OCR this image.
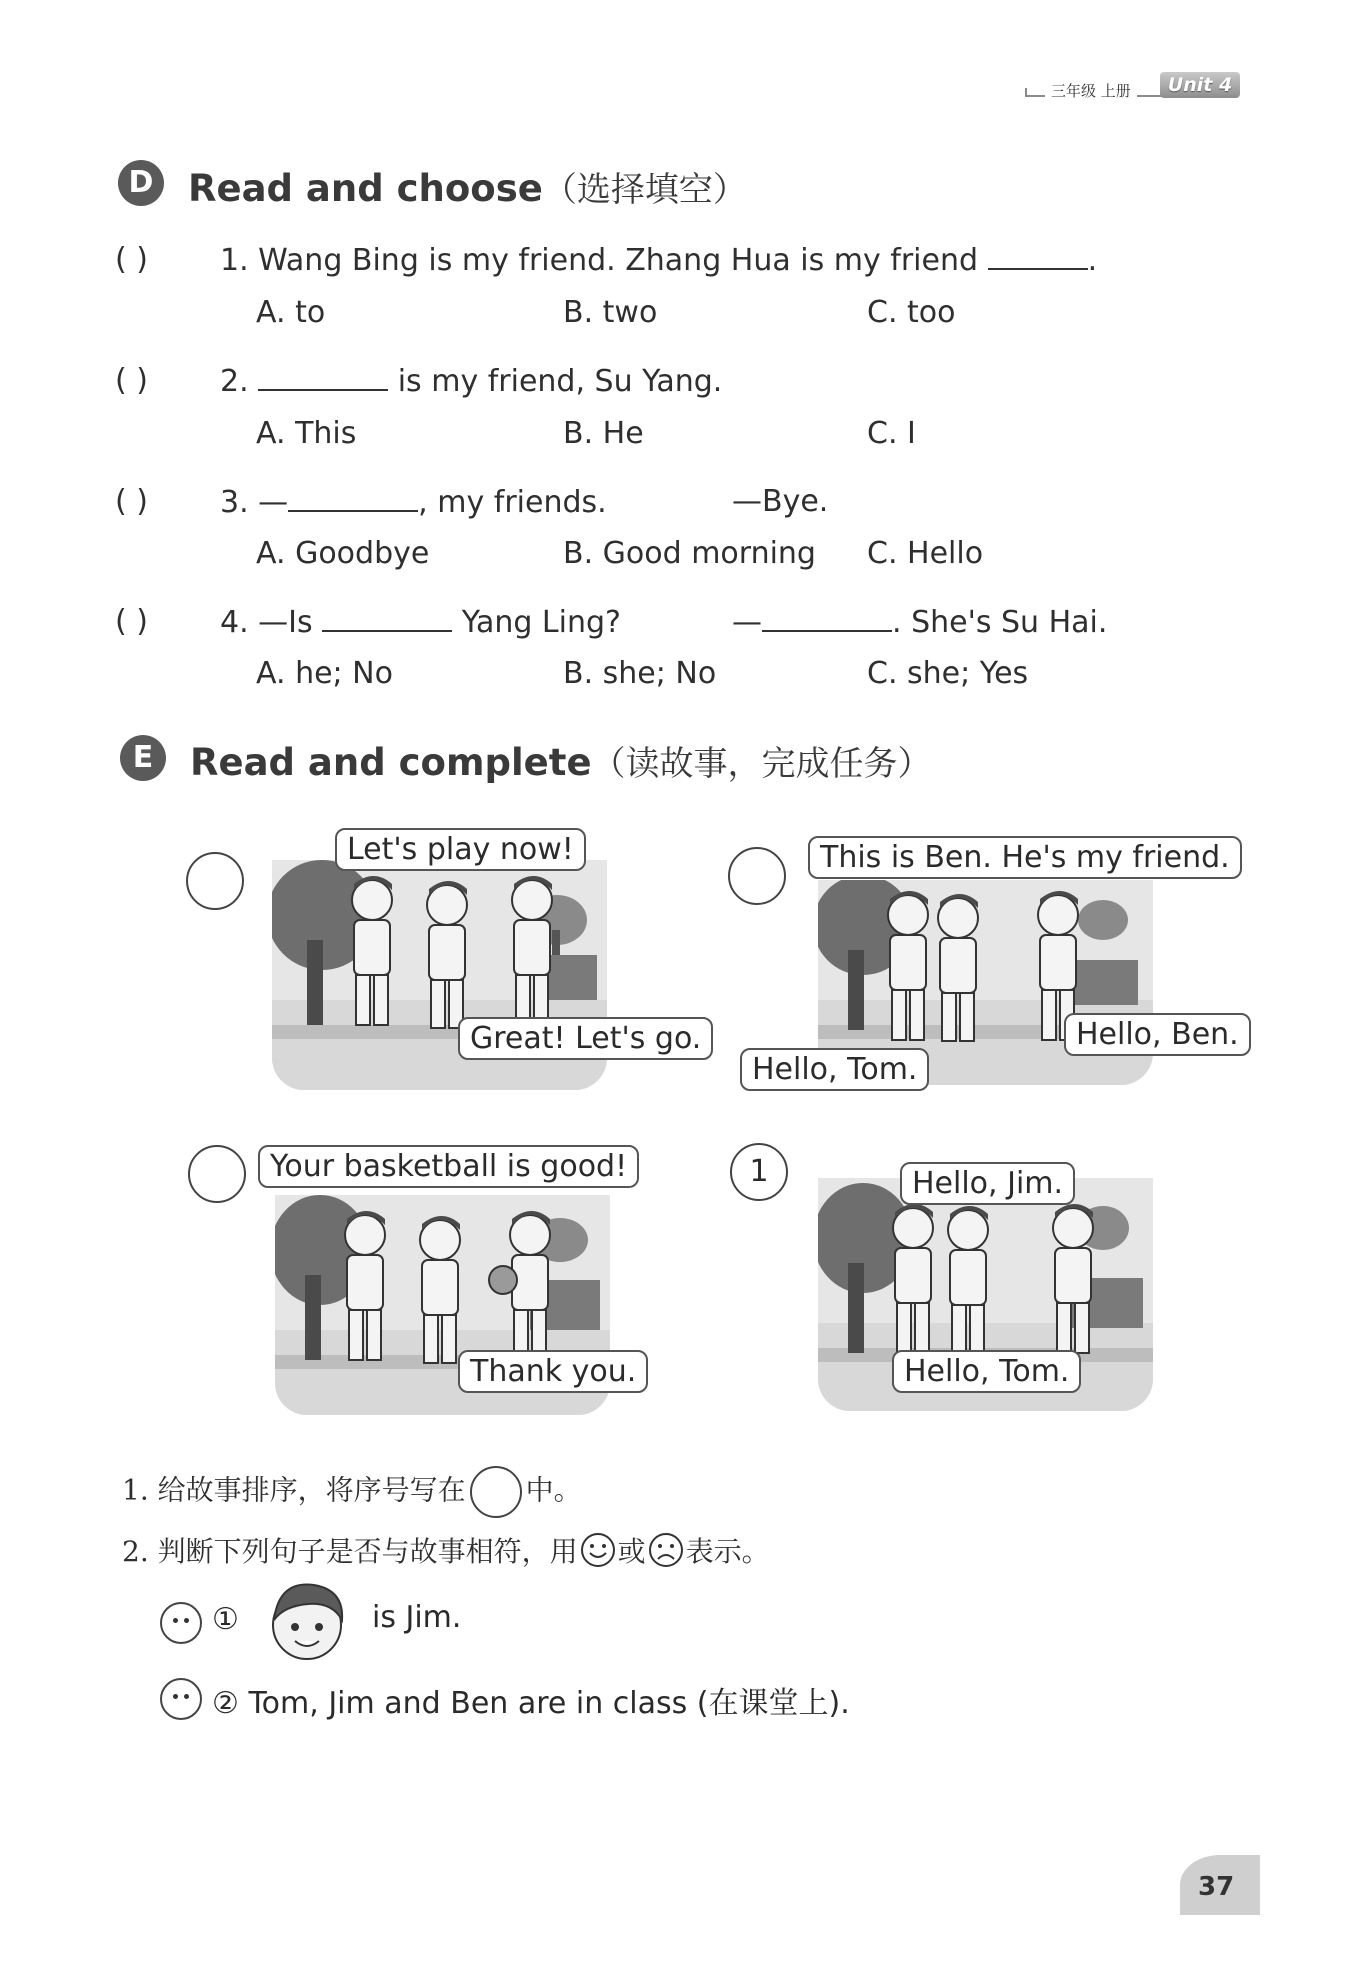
三年级 上册	Unit 4
D Read and choose（选择填空）
( ) 1. Wang Bing is my friend. Zhang Hua is my friend	.
A. to	B. two	C. too
( ) 2.	is my friend, Su Yang.
A. This	B. He	C. I
( ) 3. —	, my friends.	—Bye.
A. Goodbye	B. Good morning C. Hello
( ) 4. —Is	Yang Ling?	—	. She's Su Hai.
A. he; No	B. she; No	C. she; Yes
E Read and complete（读故事，完成任务）
Let's play now!
Great! Let's go.
This is Ben. He's my friend.
Hello, Tom.
Hello, Ben.
Your basketball is good!
Thank you.
1	Hello, Jim.
Hello, Tom.
1. 给故事排序，将序号写在 中。
2. 判断下列句子是否与故事相符，用 或 表示。
①	is Jim.
② Tom, Jim and Ben are in class (在课堂上).
37
